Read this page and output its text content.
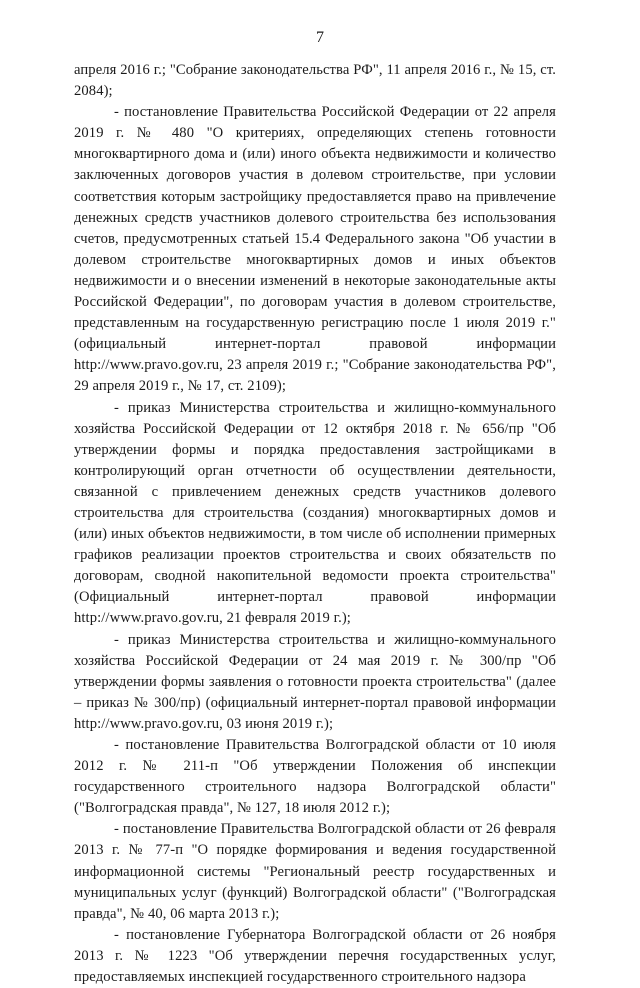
7

апреля 2016 г.; "Собрание законодательства РФ", 11 апреля 2016 г., № 15, ст. 2084);

- постановление Правительства Российской Федерации от 22 апреля 2019 г. № 480 "О критериях, определяющих степень готовности многоквартирного дома и (или) иного объекта недвижимости и количество заключенных договоров участия в долевом строительстве, при условии соответствия которым застройщику предоставляется право на привлечение денежных средств участников долевого строительства без использования счетов, предусмотренных статьей 15.4 Федерального закона "Об участии в долевом строительстве многоквартирных домов и иных объектов недвижимости и о внесении изменений в некоторые законодательные акты Российской Федерации", по договорам участия в долевом строительстве, представленным на государственную регистрацию после 1 июля 2019 г." (официальный интернет-портал правовой информации http://www.pravo.gov.ru, 23 апреля 2019 г.; "Собрание законодательства РФ", 29 апреля 2019 г., № 17, ст. 2109);

- приказ Министерства строительства и жилищно-коммунального хозяйства Российской Федерации от 12 октября 2018 г. № 656/пр "Об утверждении формы и порядка предоставления застройщиками в контролирующий орган отчетности об осуществлении деятельности, связанной с привлечением денежных средств участников долевого строительства для строительства (создания) многоквартирных домов и (или) иных объектов недвижимости, в том числе об исполнении примерных графиков реализации проектов строительства и своих обязательств по договорам, сводной накопительной ведомости проекта строительства" (Официальный интернет-портал правовой информации http://www.pravo.gov.ru, 21 февраля 2019 г.);

- приказ Министерства строительства и жилищно-коммунального хозяйства Российской Федерации от 24 мая 2019 г. № 300/пр "Об утверждении формы заявления о готовности проекта строительства" (далее – приказ № 300/пр) (официальный интернет-портал правовой информации http://www.pravo.gov.ru, 03 июня 2019 г.);

- постановление Правительства Волгоградской области от 10 июля 2012 г. № 211-п "Об утверждении Положения об инспекции государственного строительного надзора Волгоградской области" ("Волгоградская правда", № 127, 18 июля 2012 г.);

- постановление Правительства Волгоградской области от 26 февраля 2013 г. № 77-п "О порядке формирования и ведения государственной информационной системы "Региональный реестр государственных и муниципальных услуг (функций) Волгоградской области" ("Волгоградская правда", № 40, 06 марта 2013 г.);

- постановление Губернатора Волгоградской области от 26 ноября 2013 г. № 1223 "Об утверждении перечня государственных услуг, предоставляемых инспекцией государственного строительного надзора
